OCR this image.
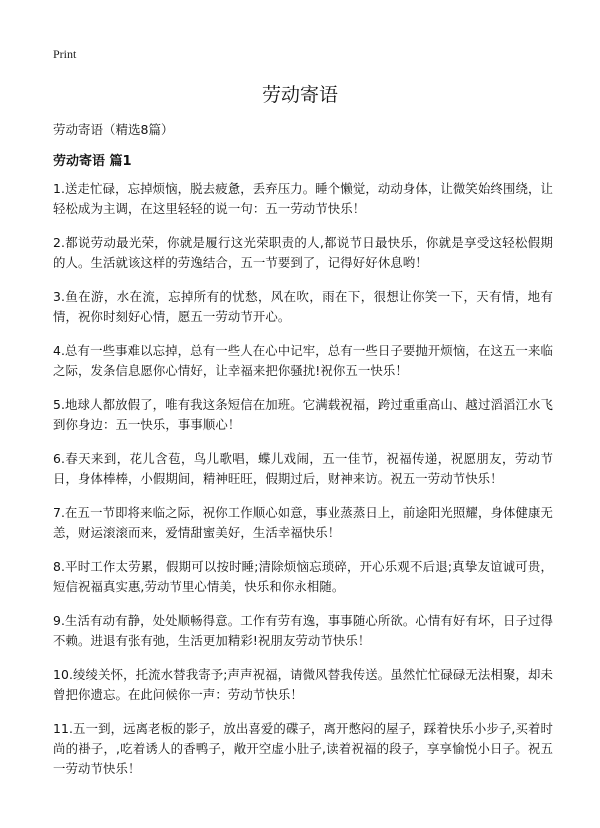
Print
劳动寄语

劳动寄语（精选8篇）

劳动寄语 篇1

1.送走忙碌，忘掉烦恼，脱去疲惫，丢弃压力。睡个懒觉，动动身体，让微笑始终围绕，让轻松成为主调，在这里轻轻的说一句：五一劳动节快乐！

2.都说劳动最光荣，你就是履行这光荣职责的人,都说节日最快乐，你就是享受这轻松假期的人。生活就该这样的劳逸结合，五一节要到了，记得好好休息哟！

3.鱼在游，水在流，忘掉所有的忧愁，风在吹，雨在下，很想让你笑一下，天有情，地有情，祝你时刻好心情，愿五一劳动节开心。

4.总有一些事难以忘掉，总有一些人在心中记牢，总有一些日子要抛开烦恼，在这五一来临之际，发条信息愿你心情好，让幸福来把你骚扰!祝你五一快乐！

5.地球人都放假了，唯有我这条短信在加班。它满载祝福，跨过重重高山、越过滔滔江水飞到你身边：五一快乐，事事顺心！

6.春天来到，花儿含苞，鸟儿歌唱，蝶儿戏闹，五一佳节，祝福传递，祝愿朋友，劳动节日，身体棒棒，小假期间，精神旺旺，假期过后，财神来访。祝五一劳动节快乐！

7.在五一节即将来临之际，祝你工作顺心如意，事业蒸蒸日上，前途阳光照耀，身体健康无恙，财运滚滚而来，爱情甜蜜美好，生活幸福快乐！

8.平时工作太劳累，假期可以按时睡;清除烦恼忘琐碎，开心乐观不后退;真挚友谊诚可贵，短信祝福真实惠,劳动节里心情美，快乐和你永相随。

9.生活有动有静，处处顺畅得意。工作有劳有逸，事事随心所欲。心情有好有坏，日子过得不赖。进退有张有弛，生活更加精彩!祝朋友劳动节快乐！

10.绫绫关怀，托流水替我寄予;声声祝福，请微风替我传送。虽然忙忙碌碌无法相聚，却未曾把你遗忘。在此问候你一声：劳动节快乐！

11.五一到，远离老板的影子，放出喜爱的碟子，离开憋闷的屋子，踩着快乐小步子,买着时尚的褂子，,吃着诱人的香鸭子，敞开空虚小肚子,读着祝福的段子，享享愉悦小日子。祝五一劳动节快乐！
